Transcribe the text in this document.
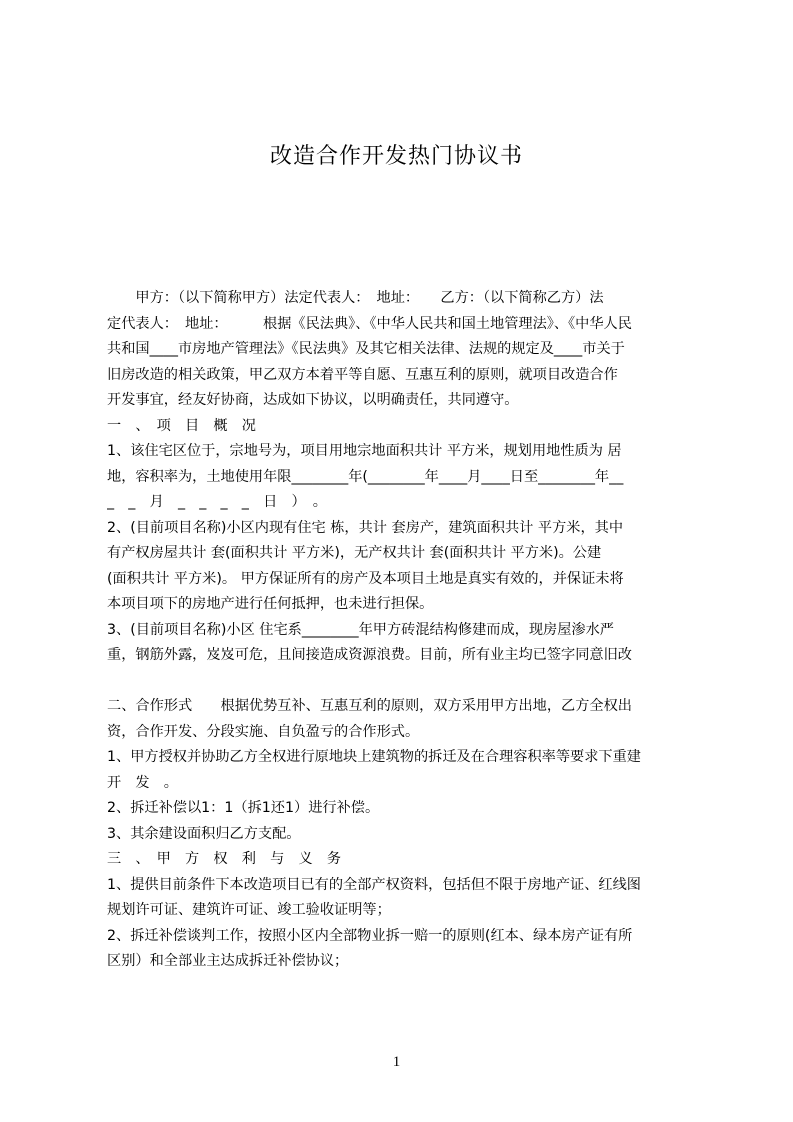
改造合作开发热门协议书
　　甲方：（以下简称甲方）法定代表人：　地址：　　乙方：（以下简称乙方）法
定代表人：　地址：　　　根据《民法典》、《中华人民共和国土地管理法》、《中华人民
共和国____市房地产管理法》《民法典》及其它相关法律、法规的规定及____市关于
旧房改造的相关政策，甲乙双方本着平等自愿、互惠互利的原则，就项目改造合作
开发事宜，经友好协商，达成如下协议，以明确责任，共同遵守。
一　、　项　目　概　况
1、该住宅区位于，宗地号为，项目用地宗地面积共计 平方米，规划用地性质为 居
地，容积率为，土地使用年限________年(________年____月____日至________年__
_　_　月　_　_　_　_　日　）　。
2、(目前项目名称)小区内现有住宅 栋，共计 套房产，建筑面积共计 平方米，其中
有产权房屋共计 套(面积共计 平方米)，无产权共计 套(面积共计 平方米)。公建
(面积共计 平方米)。 甲方保证所有的房产及本项目土地是真实有效的，并保证未将
本项目项下的房地产进行任何抵押，也未进行担保。
3、(目前项目名称)小区 住宅系________年甲方砖混结构修建而成，现房屋渗水严
重，钢筋外露，岌岌可危，且间接造成资源浪费。目前，所有业主均已签字同意旧改
二、合作形式　　根据优势互补、互惠互利的原则，双方采用甲方出地，乙方全权出
资，合作开发、分段实施、自负盈亏的合作形式。
1、甲方授权并协助乙方全权进行原地块上建筑物的拆迁及在合理容积率等要求下重建
开　发　。
2、拆迁补偿以1：1（拆1还1）进行补偿。
3、其余建设面积归乙方支配。
三　、　甲　方　权　利　与　义　务
1、提供目前条件下本改造项目已有的全部产权资料，包括但不限于房地产证、红线图
规划许可证、建筑许可证、竣工验收证明等；
2、拆迁补偿谈判工作，按照小区内全部物业拆一赔一的原则(红本、绿本房产证有所
区别）和全部业主达成拆迁补偿协议；
1
